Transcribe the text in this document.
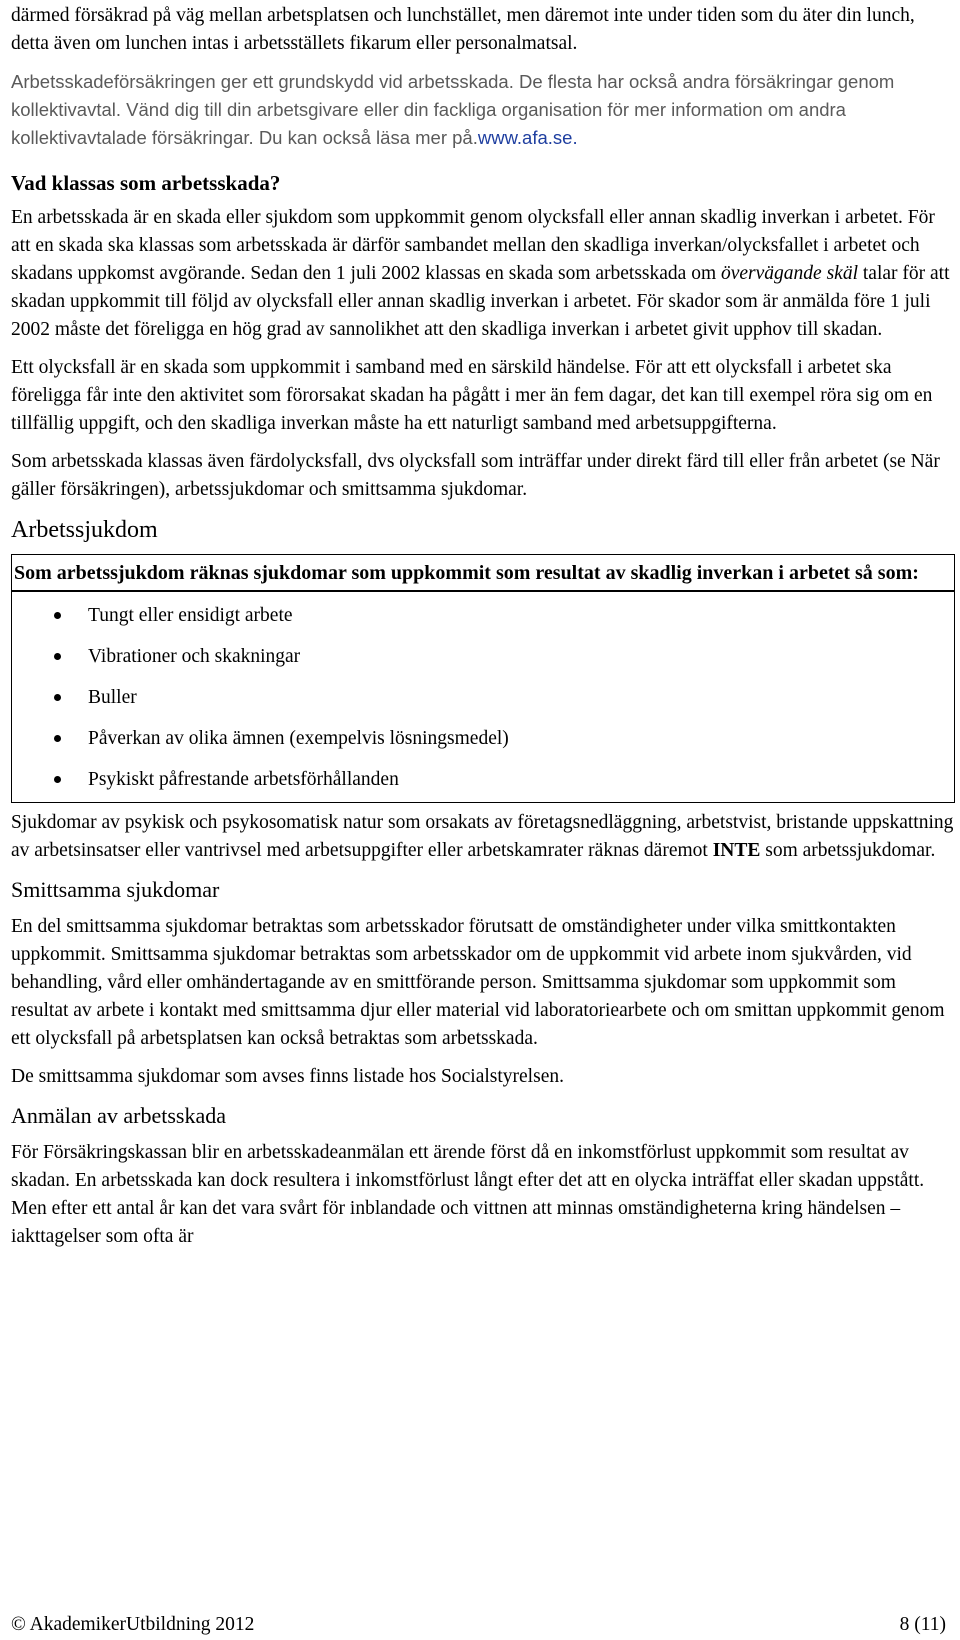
därmed försäkrad på väg mellan arbetsplatsen och lunchstället, men däremot inte under tiden som du äter din lunch, detta även om lunchen intas i arbetsställets fikarum eller personalmatsal.

Arbetsskadeförsäkringen ger ett grundskydd vid arbetsskada. De flesta har också andra försäkringar genom kollektivavtal. Vänd dig till din arbetsgivare eller din fackliga organisation för mer information om andra kollektivavtalade försäkringar. Du kan också läsa mer på.www.afa.se.

Vad klassas som arbetsskada?

En arbetsskada är en skada eller sjukdom som uppkommit genom olycksfall eller annan skadlig inverkan i arbetet. För att en skada ska klassas som arbetsskada är därför sambandet mellan den skadliga inverkan/olycksfallet i arbetet och skadans uppkomst avgörande. Sedan den 1 juli 2002 klassas en skada som arbetsskada om övervägande skäl talar för att skadan uppkommit till följd av olycksfall eller annan skadlig inverkan i arbetet. För skador som är anmälda före 1 juli 2002 måste det föreligga en hög grad av sannolikhet att den skadliga inverkan i arbetet givit upphov till skadan.

Ett olycksfall är en skada som uppkommit i samband med en särskild händelse. För att ett olycksfall i arbetet ska föreligga får inte den aktivitet som förorsakat skadan ha pågått i mer än fem dagar, det kan till exempel röra sig om en tillfällig uppgift, och den skadliga inverkan måste ha ett naturligt samband med arbetsuppgifterna.

Som arbetsskada klassas även färdolycksfall, dvs olycksfall som inträffar under direkt färd till eller från arbetet (se När gäller försäkringen), arbetssjukdomar och smittsamma sjukdomar.

Arbetssjukdom
Som arbetssjukdom räknas sjukdomar som uppkommit som resultat av skadlig inverkan i arbetet så som:
Tungt eller ensidigt arbete
Vibrationer och skakningar
Buller
Påverkan av olika ämnen (exempelvis lösningsmedel)
Psykiskt påfrestande arbetsförhållanden

Sjukdomar av psykisk och psykosomatisk natur som orsakats av företagsnedläggning, arbetstvist, bristande uppskattning av arbetsinsatser eller vantrivsel med arbetsuppgifter eller arbetskamrater räknas däremot INTE som arbetssjukdomar.

Smittsamma sjukdomar

En del smittsamma sjukdomar betraktas som arbetsskador förutsatt de omständigheter under vilka smittkontakten uppkommit. Smittsamma sjukdomar betraktas som arbetsskador om de uppkommit vid arbete inom sjukvården, vid behandling, vård eller omhändertagande av en smittförande person. Smittsamma sjukdomar som uppkommit som resultat av arbete i kontakt med smittsamma djur eller material vid laboratoriearbete och om smittan uppkommit genom ett olycksfall på arbetsplatsen kan också betraktas som arbetsskada.

De smittsamma sjukdomar som avses finns listade hos Socialstyrelsen.

Anmälan av arbetsskada

För Försäkringskassan blir en arbetsskadeanmälan ett ärende först då en inkomstförlust uppkommit som resultat av skadan. En arbetsskada kan dock resultera i inkomstförlust långt efter det att en olycka inträffat eller skadan uppstått. Men efter ett antal år kan det vara svårt för inblandade och vittnen att minnas omständigheterna kring händelsen – iakttagelser som ofta är

© AkademikerUtbildning 2012	8 (11)
